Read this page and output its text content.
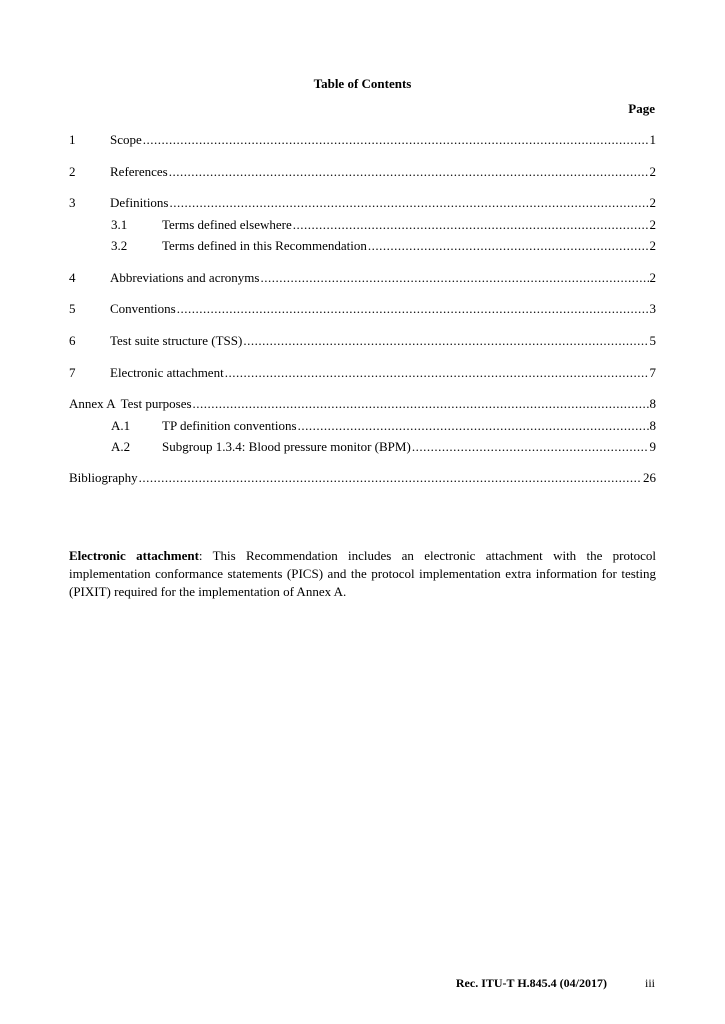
Table of Contents
Page
1	Scope .....	1
2	References .....	2
3	Definitions .....	2
3.1	Terms defined elsewhere .....	2
3.2	Terms defined in this Recommendation .....	2
4	Abbreviations and acronyms .....	2
5	Conventions .....	3
6	Test suite structure (TSS) .....	5
7	Electronic attachment .....	7
Annex A Test purposes .....	8
A.1	TP definition conventions .....	8
A.2	Subgroup 1.3.4: Blood pressure monitor (BPM) .....	9
Bibliography .....	26
Electronic attachment: This Recommendation includes an electronic attachment with the protocol implementation conformance statements (PICS) and the protocol implementation extra information for testing (PIXIT) required for the implementation of Annex A.
Rec. ITU-T H.845.4 (04/2017)	iii
